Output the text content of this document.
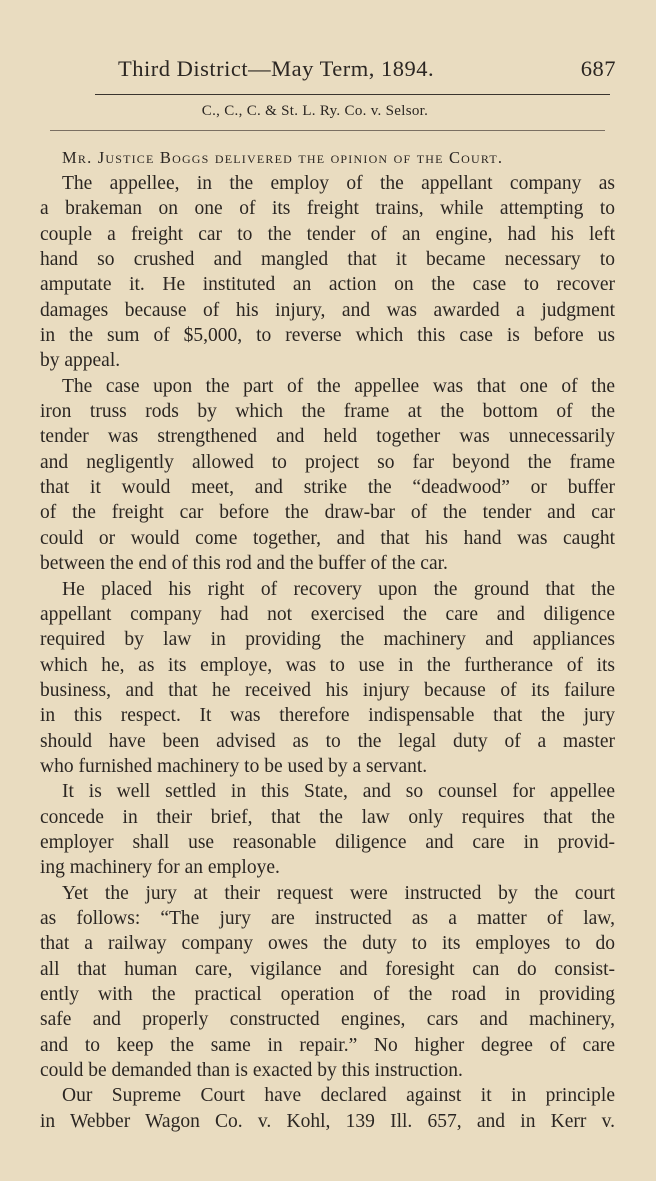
Third District—May Term, 1894.	687
C., C., C. & St. L. Ry. Co. v. Selsor.
Mr. Justice Boggs delivered the opinion of the Court.
The appellee, in the employ of the appellant company as
a brakeman on one of its freight trains, while attempting to
couple a freight car to the tender of an engine, had his left
hand so crushed and mangled that it became necessary to
amputate it. He instituted an action on the case to recover
damages because of his injury, and was awarded a judgment
in the sum of $5,000, to reverse which this case is before us
by appeal.
The case upon the part of the appellee was that one of the
iron truss rods by which the frame at the bottom of the
tender was strengthened and held together was unnecessarily
and negligently allowed to project so far beyond the frame
that it would meet, and strike the “deadwood” or buffer
of the freight car before the draw-bar of the tender and car
could or would come together, and that his hand was caught
between the end of this rod and the buffer of the car.
He placed his right of recovery upon the ground that the
appellant company had not exercised the care and diligence
required by law in providing the machinery and appliances
which he, as its employe, was to use in the furtherance of its
business, and that he received his injury because of its failure
in this respect. It was therefore indispensable that the jury
should have been advised as to the legal duty of a master
who furnished machinery to be used by a servant.
It is well settled in this State, and so counsel for appellee
concede in their brief, that the law only requires that the
employer shall use reasonable diligence and care in provid-
ing machinery for an employe.
Yet the jury at their request were instructed by the court
as follows: “The jury are instructed as a matter of law,
that a railway company owes the duty to its employes to do
all that human care, vigilance and foresight can do consist-
ently with the practical operation of the road in providing
safe and properly constructed engines, cars and machinery,
and to keep the same in repair.” No higher degree of care
could be demanded than is exacted by this instruction.
Our Supreme Court have declared against it in principle
in Webber Wagon Co. v. Kohl, 139 Ill. 657, and in Kerr v.
